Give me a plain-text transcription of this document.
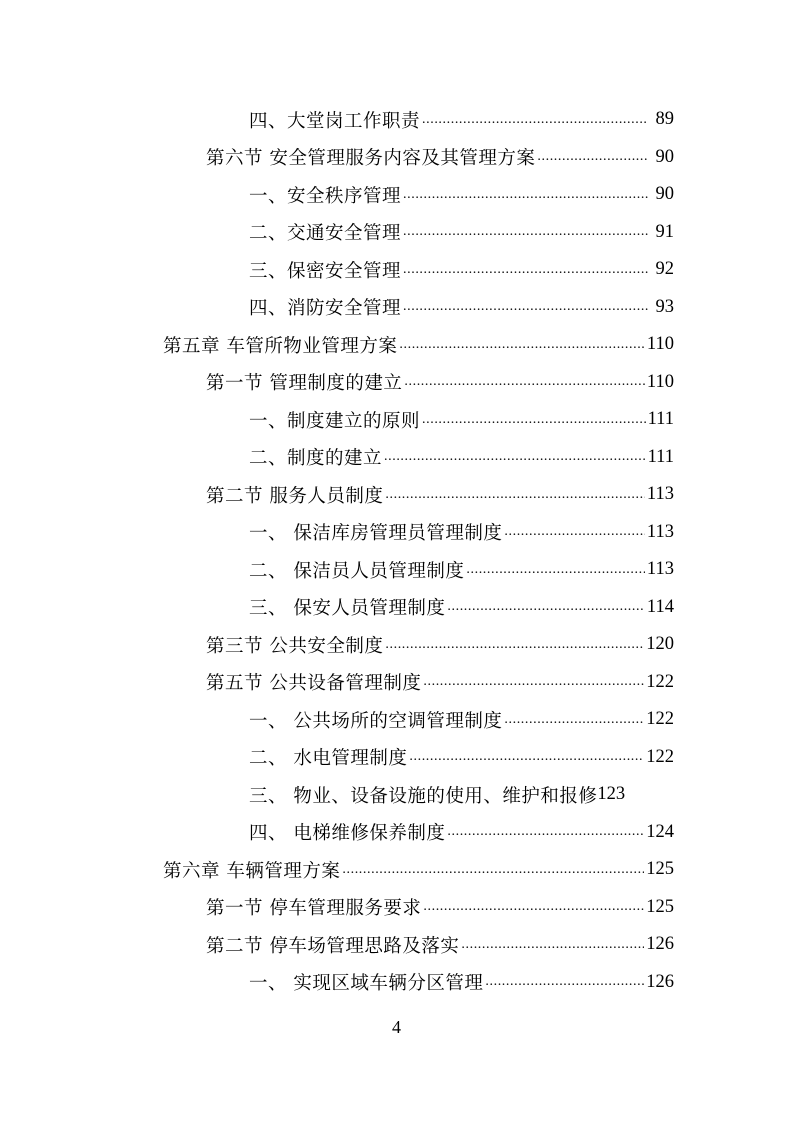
四、大堂岗工作职责 .....	89
第六节 安全管理服务内容及其管理方案 .....	90
一、安全秩序管理 .....	90
二、交通安全管理 .....	91
三、保密安全管理 .....	92
四、消防安全管理 .....	93
第五章 车管所物业管理方案 .....	110
第一节 管理制度的建立 .....	110
一、制度建立的原则 .....	111
二、制度的建立 .....	111
第二节 服务人员制度 .....	113
一、 保洁库房管理员管理制度 .....	113
二、 保洁员人员管理制度 .....	113
三、 保安人员管理制度 .....	114
第三节 公共安全制度 .....	120
第五节 公共设备管理制度 .....	122
一、 公共场所的空调管理制度 .....	122
二、 水电管理制度 .....	122
三、 物业、设备设施的使用、维护和报修 123
四、 电梯维修保养制度 .....	124
第六章 车辆管理方案 .....	125
第一节 停车管理服务要求 .....	125
第二节 停车场管理思路及落实 .....	126
一、 实现区域车辆分区管理 .....	126
4
